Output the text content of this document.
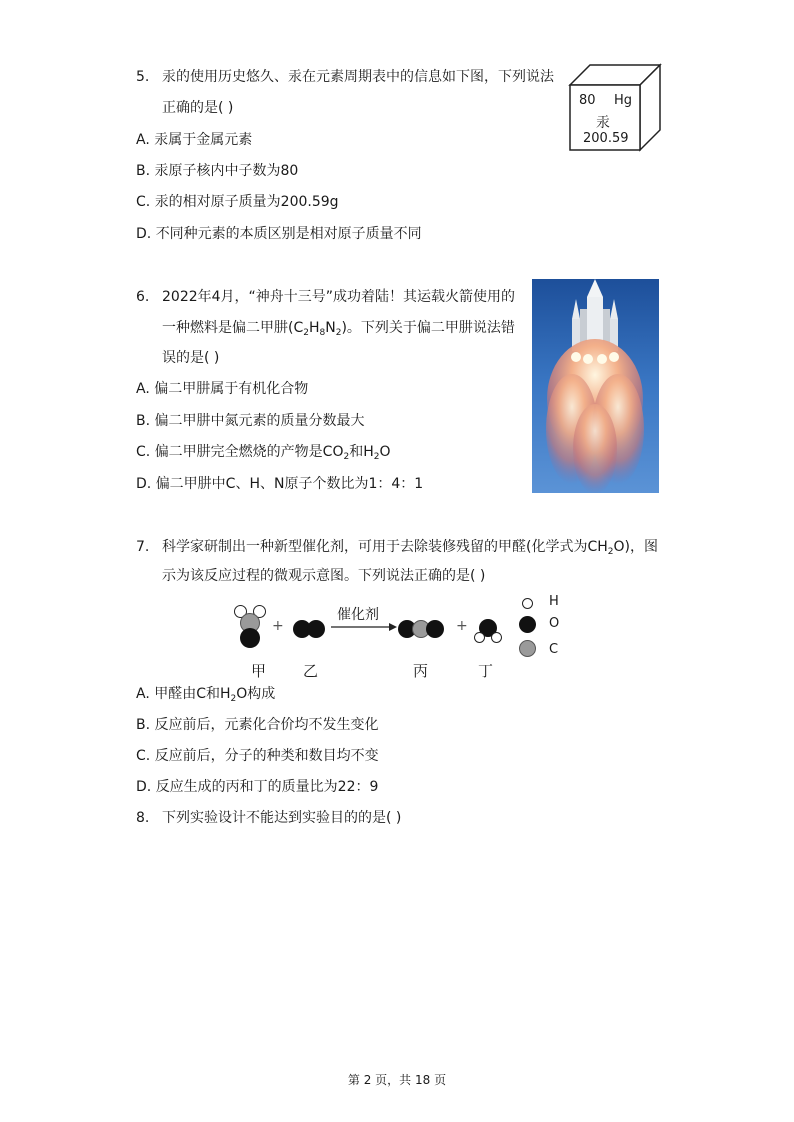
5. 汞的使用历史悠久、汞在元素周期表中的信息如下图，下列说法
正确的是( )
A. 汞属于金属元素
B. 汞原子核内中子数为80
C. 汞的相对原子质量为200.59g
D. 不同种元素的本质区别是相对原子质量不同
80 Hg
汞
200.59
6. 2022年4月，“神舟十三号”成功着陆！其运载火箭使用的
一种燃料是偏二甲肼$(C_2H_8N_2)$。下列关于偏二甲肼说法错
误的是( )
A. 偏二甲肼属于有机化合物
B. 偏二甲肼中氮元素的质量分数最大
C. 偏二甲肼完全燃烧的产物是$CO_2$和$H_2O$
D. 偏二甲肼中C、H、N原子个数比为1：4：1
7. 科学家研制出一种新型催化剂，可用于去除装修残留的甲醛(化学式为$CH_2O$)，图
示为该反应过程的微观示意图。下列说法正确的是( )
+
催化剂
+
H
O
C
甲 乙	丙	丁
A. 甲醛由C和$H_2O$构成
B. 反应前后，元素化合价均不发生变化
C. 反应前后，分子的种类和数目均不变
D. 反应生成的丙和丁的质量比为22：9
8. 下列实验设计不能达到实验目的的是( )
第 2 页，共 18 页
